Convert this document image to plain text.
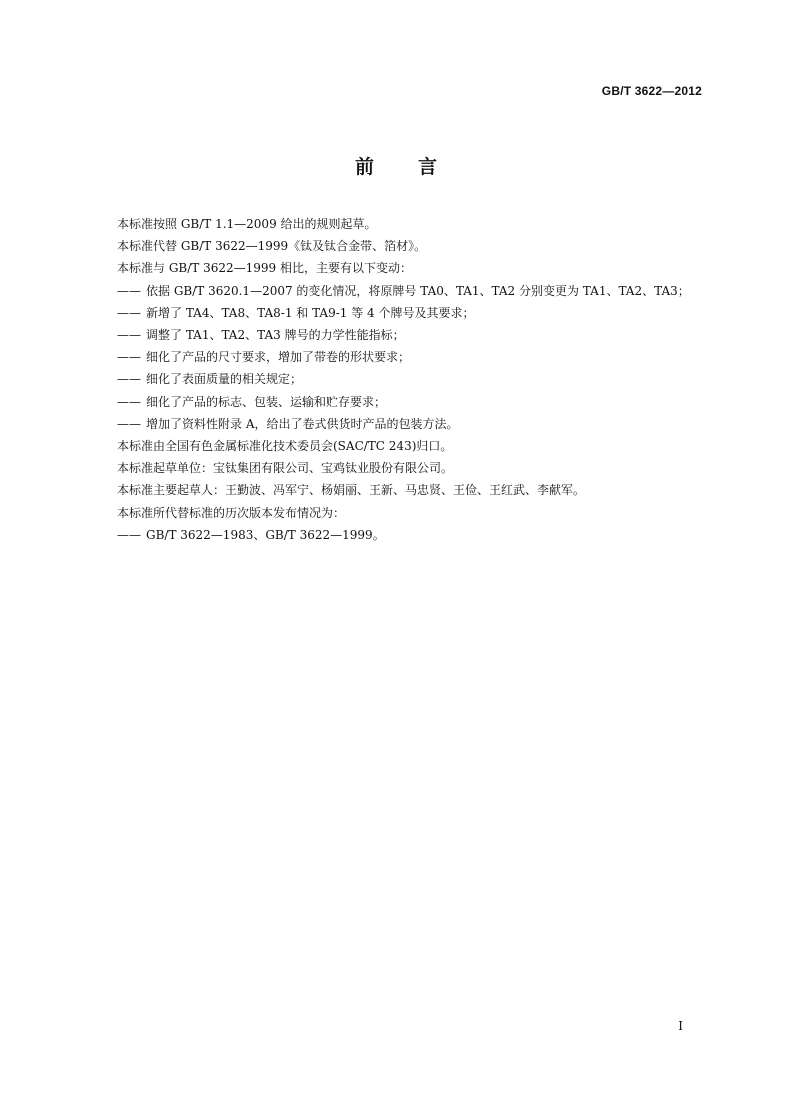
GB/T 3622—2012
前言

本标准按照 GB/T 1.1—2009 给出的规则起草。

本标准代替 GB/T 3622—1999《钛及钛合金带、箔材》。

本标准与 GB/T 3622—1999 相比，主要有以下变动：

—— 依据 GB/T 3620.1—2007 的变化情况，将原牌号 TA0、TA1、TA2 分别变更为 TA1、TA2、TA3；
—— 新增了 TA4、TA8、TA8-1 和 TA9-1 等 4 个牌号及其要求；
—— 调整了 TA1、TA2、TA3 牌号的力学性能指标；
—— 细化了产品的尺寸要求，增加了带卷的形状要求；
—— 细化了表面质量的相关规定；
—— 细化了产品的标志、包装、运输和贮存要求；
—— 增加了资料性附录 A，给出了卷式供货时产品的包装方法。

本标准由全国有色金属标准化技术委员会(SAC/TC 243)归口。

本标准起草单位：宝钛集团有限公司、宝鸡钛业股份有限公司。

本标准主要起草人：王勤波、冯军宁、杨娟丽、王新、马忠贤、王俭、王红武、李献军。

本标准所代替标准的历次版本发布情况为：

—— GB/T 3622—1983、GB/T 3622—1999。
I
